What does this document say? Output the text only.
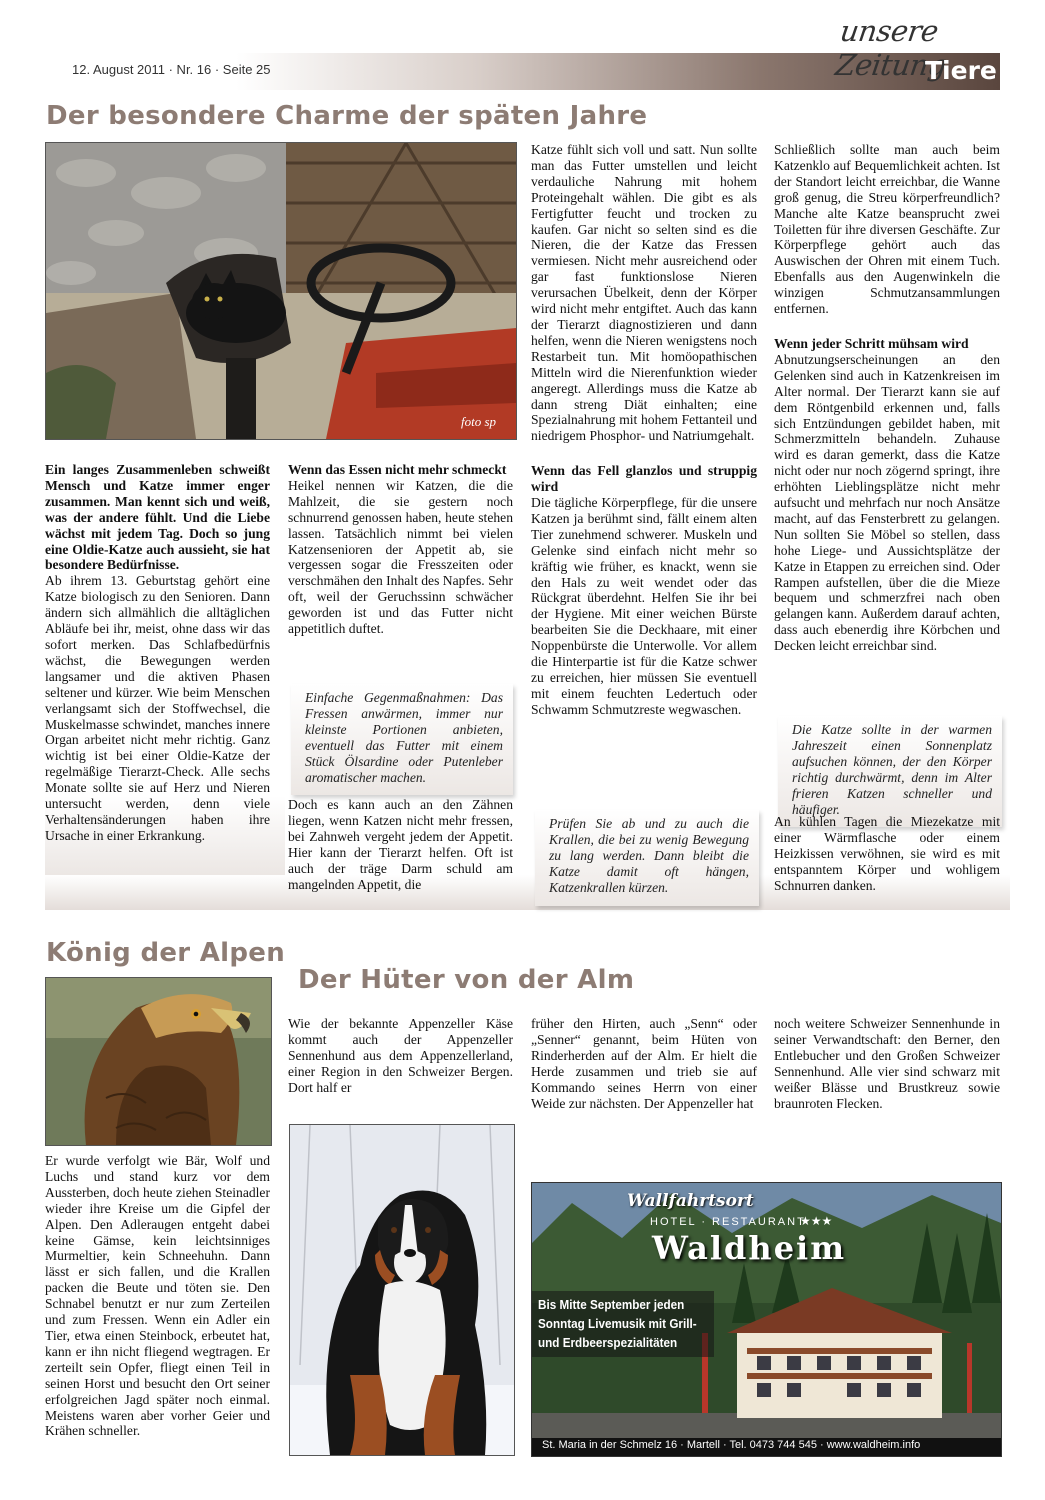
12. August 2011 · Nr. 16 · Seite 25
unsere Zeitung
Tiere
Der besondere Charme der späten Jahre
foto sp

Ein langes Zusammenleben schweißt Mensch und Katze immer enger zusammen. Man kennt sich und weiß, was der andere fühlt. Und die Liebe wächst mit jedem Tag. Doch so jung eine Oldie-Katze auch aussieht, sie hat besondere Bedürfnisse.

Ab ihrem 13. Geburtstag gehört eine Katze biologisch zu den Senioren. Dann ändern sich allmählich die alltäglichen Abläufe bei ihr, meist, ohne dass wir das sofort merken. Das Schlafbedürfnis wächst, die Bewegungen werden langsamer und die aktiven Phasen seltener und kürzer. Wie beim Menschen verlangsamt sich der Stoffwechsel, die Muskelmasse schwindet, manches innere Organ arbeitet nicht mehr richtig. Ganz wichtig ist bei einer Oldie-Katze der regelmäßige Tierarzt-Check. Alle sechs Monate sollte sie auf Herz und Nieren untersucht werden, denn viele Verhaltensänderungen haben ihre Ursache in einer Erkrankung.

Wenn das Essen nicht mehr schmeckt

Heikel nennen wir Katzen, die die Mahlzeit, die sie gestern noch schnurrend genossen haben, heute stehen lassen. Tatsächlich nimmt bei vielen Katzensenioren der Appetit ab, sie vergessen sogar die Fresszeiten oder verschmähen den Inhalt des Napfes. Sehr oft, weil der Geruchssinn schwächer geworden ist und das Futter nicht appetitlich duftet.

Einfache Gegenmaßnahmen: Das Fressen anwärmen, immer nur kleinste Portionen anbieten, eventuell das Futter mit einem Stück Ölsardine oder Putenleber aromatischer machen.

Doch es kann auch an den Zähnen liegen, wenn Katzen nicht mehr fressen, bei Zahnweh vergeht jedem der Appetit. Hier kann der Tierarzt helfen. Oft ist auch der träge Darm schuld am mangelnden Appetit, die

Katze fühlt sich voll und satt. Nun sollte man das Futter umstellen und leicht verdauliche Nahrung mit hohem Proteingehalt wählen. Die gibt es als Fertigfutter feucht und trocken zu kaufen. Gar nicht so selten sind es die Nieren, die der Katze das Fressen vermiesen. Nicht mehr ausreichend oder gar fast funktionslose Nieren verursachen Übelkeit, denn der Körper wird nicht mehr entgiftet. Auch das kann der Tierarzt diagnostizieren und dann helfen, wenn die Nieren wenigstens noch Restarbeit tun. Mit homöopathischen Mitteln wird die Nierenfunktion wieder angeregt. Allerdings muss die Katze ab dann streng Diät einhalten; eine Spezialnahrung mit hohem Fettanteil und niedrigem Phosphor- und Natriumgehalt.

Wenn das Fell glanzlos und struppig wird

Die tägliche Körperpflege, für die unsere Katzen ja berühmt sind, fällt einem alten Tier zunehmend schwerer. Muskeln und Gelenke sind einfach nicht mehr so kräftig wie früher, es knackt, wenn sie den Hals zu weit wendet oder das Rückgrat überdehnt. Helfen Sie ihr bei der Hygiene. Mit einer weichen Bürste bearbeiten Sie die Deckhaare, mit einer Noppenbürste die Unterwolle. Vor allem die Hinterpartie ist für die Katze schwer zu erreichen, hier müssen Sie eventuell mit einem feuchten Ledertuch oder Schwamm Schmutzreste wegwaschen.

Prüfen Sie ab und zu auch die Krallen, die bei zu wenig Bewegung zu lang werden. Dann bleibt die Katze damit oft hängen, Katzenkrallen kürzen.

Schließlich sollte man auch beim Katzenklo auf Bequemlichkeit achten. Ist der Standort leicht erreichbar, die Wanne groß genug, die Streu körperfreundlich? Manche alte Katze beansprucht zwei Toiletten für ihre diversen Geschäfte. Zur Körperpflege gehört auch das Auswischen der Ohren mit einem Tuch. Ebenfalls aus den Augenwinkeln die winzigen Schmutzansammlungen entfernen.

Wenn jeder Schritt mühsam wird

Abnutzungserscheinungen an den Gelenken sind auch in Katzenkreisen im Alter normal. Der Tierarzt kann sie auf dem Röntgenbild erkennen und, falls sich Entzündungen gebildet haben, mit Schmerzmitteln behandeln. Zuhause wird es daran gemerkt, dass die Katze nicht oder nur noch zögernd springt, ihre erhöhten Lieblingsplätze nicht mehr aufsucht und mehrfach nur noch Ansätze macht, auf das Fensterbrett zu gelangen. Nun sollten Sie Möbel so stellen, dass hohe Liege- und Aussichtsplätze der Katze in Etappen zu erreichen sind. Oder Rampen aufstellen, über die die Mieze bequem und schmerzfrei nach oben gelangen kann. Außerdem darauf achten, dass auch ebenerdig ihre Körbchen und Decken leicht erreichbar sind.

Die Katze sollte in der warmen Jahreszeit einen Sonnenplatz aufsuchen können, der den Körper richtig durchwärmt, denn im Alter frieren Katzen schneller und häufiger.

An kühlen Tagen die Miezekatze mit einer Wärmflasche oder einem Heizkissen verwöhnen, sie wird es mit entspanntem Körper und wohligem Schnurren danken.

König der Alpen

Er wurde verfolgt wie Bär, Wolf und Luchs und stand kurz vor dem Aussterben, doch heute ziehen Steinadler wieder ihre Kreise um die Gipfel der Alpen. Den Adleraugen entgeht dabei keine Gämse, kein leichtsinniges Murmeltier, kein Schneehuhn. Dann lässt er sich fallen, und die Krallen packen die Beute und töten sie. Den Schnabel benutzt er nur zum Zerteilen und zum Fressen. Wenn ein Adler ein Tier, etwa einen Steinbock, erbeutet hat, kann er ihn nicht fliegend wegtragen. Er zerteilt sein Opfer, fliegt einen Teil in seinen Horst und besucht den Ort seiner erfolgreichen Jagd später noch einmal. Meistens waren aber vorher Geier und Krähen schneller.

Der Hüter von der Alm

Wie der bekannte Appenzeller Käse kommt auch der Appenzeller Sennenhund aus dem Appenzellerland, einer Region in den Schweizer Bergen. Dort half er

früher den Hirten, auch „Senn“ oder „Senner“ genannt, beim Hüten von Rinderherden auf der Alm. Er hielt die Herde zusammen und trieb sie auf Kommando seines Herrn von einer Weide zur nächsten. Der Appenzeller hat

noch weitere Schweizer Sennenhunde in seiner Verwandtschaft: den Berner, den Entlebucher und den Großen Schweizer Sennenhund. Alle vier sind schwarz mit weißer Blässe und Brustkreuz sowie braunroten Flecken.

Wallfahrtsort
HOTEL · RESTAURANT
★★★
Waldheim
Bis Mitte September jeden
Sonntag Livemusik mit Grill-
und Erdbeerspezialitäten
St. Maria in der Schmelz 16 · Martell · Tel. 0473 744 545 · www.waldheim.info
